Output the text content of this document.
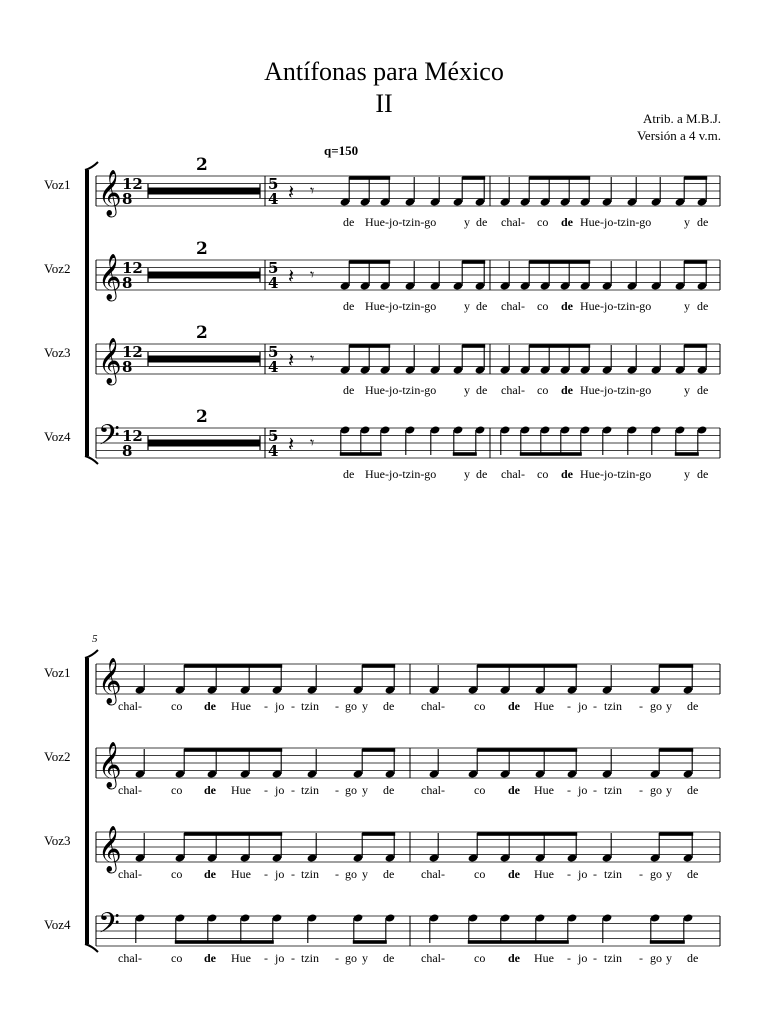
Antífonas para México
II
Atrib. a M.B.J.
Versión a 4 v.m.
q=150
5
Voz1
Voz2
Voz3
Voz4
Voz1
Voz2
Voz3
Voz4
𝄞 12
8
2
5
4 𝄽 𝄾
𝄞 12
8
2
5
4 𝄽 𝄾
𝄞 12
8
2
5
4 𝄽 𝄾
𝄢 12
8
2
5
4 𝄽 𝄾
de Hue-jo-tzin-go y de chal- co de Hue-jo-tzin-go	y de
de Hue-jo-tzin-go y de chal- co de Hue-jo-tzin-go	y de
de Hue-jo-tzin-go y de chal- co de Hue-jo-tzin-go	y de
de Hue-jo-tzin-go y de chal- co de Hue-jo-tzin-go	y de
𝄞
chal- co de Hue - jo - tzin - go y de chal- co de Hue - jo - tzin - go y de
𝄞
chal- co de Hue - jo - tzin - go y de chal- co de Hue - jo - tzin - go y de
𝄞
chal- co de Hue - jo - tzin - go y de chal- co de Hue - jo - tzin - go y de
𝄢
chal- co de Hue - jo - tzin - go y de chal- co de Hue - jo - tzin - go y de
